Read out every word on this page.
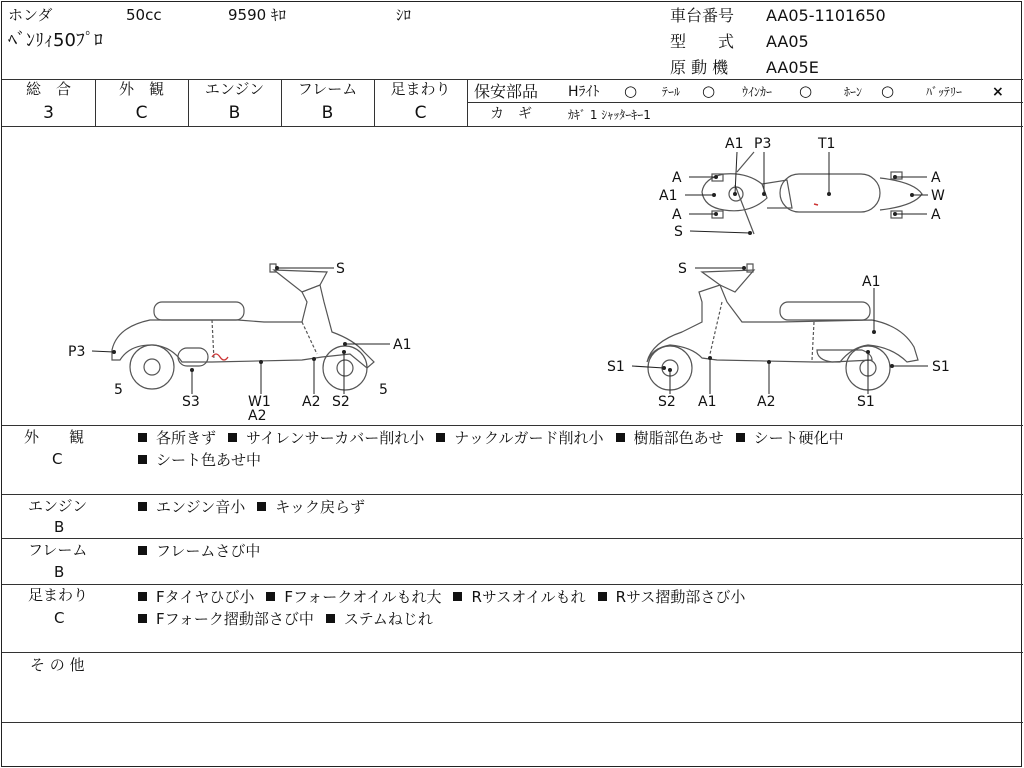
ホンダ	50cc	9590 ｷﾛ	ｼﾛ
ﾍﾞﾝﾘｨ50ﾌﾟﾛ
車台番号 AA05-1101650
型　　式 AA05
原 動 機 AA05E
総　合
3
外　観
C
エンジン
B
フレーム
B
足まわり
C
保安部品 Hﾗｲﾄ ○ ﾃｰﾙ ○ ｳｲﾝｶｰ ○	ﾎｰﾝ ○	ﾊﾞｯﾃﾘｰ ×
カ　ギ	ｶｷﾞ 1 ｼｬｯﾀｰｷｰ1
A1 P3	T1
A
A1
A
S
A
W
A
S
A1
P3
5
S3	W1
A2
A2 S2
5
S
A1
S1	S1
S2 A1	A2	S1
外　　観
C
各所きず サイレンサーカバー削れ小 ナックルガード削れ小 樹脂部色あせ シート硬化中
シート色あせ中
エンジン
B
エンジン音小 キック戻らず
フレーム
B
フレームさび中
足まわり
C
Fタイヤひび小 Fフォークオイルもれ大 Rサスオイルもれ Rサス摺動部さび小
Fフォーク摺動部さび中 ステムねじれ
そ の 他
